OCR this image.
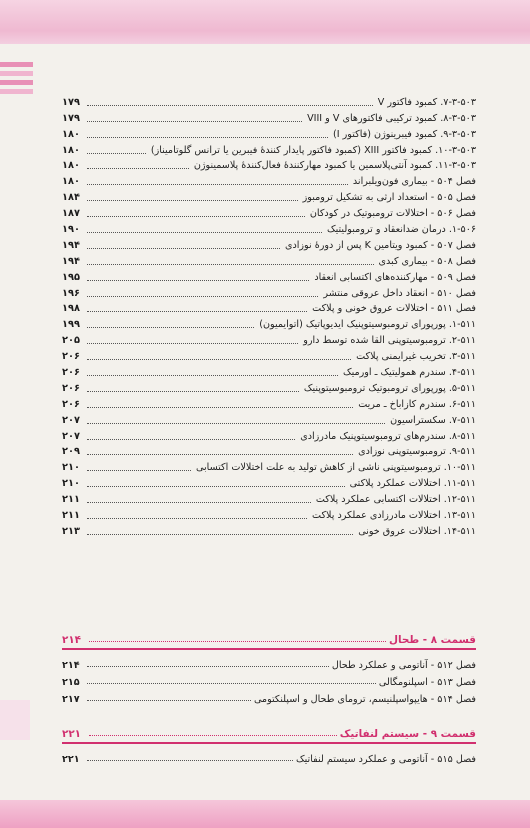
۷-۳-۵۰۳. کمبود فاکتور V
۱۷۹
۸-۳-۵۰۳. کمبود ترکیبی فاکتورهای V و VIII
۱۷۹
۹-۳-۵۰۳. کمبود فیبرینوژن (فاکتور I)
۱۸۰
۱۰-۳-۵۰۳. کمبود فاکتور XIII (کمبود فاکتور پایدار کنندهٔ فیبرین یا ترانس گلوتامیناز)
۱۸۰
۱۱-۳-۵۰۳. کمبود آنتی‌پلاسمین یا کمبود مهارکنندهٔ فعال‌کنندهٔ پلاسمینوژن
۱۸۰
فصل ۵۰۴ - بیماری فون‌ویلبراند
۱۸۰
فصل ۵۰۵ - استعداد ارثی به تشکیل ترومبوز
۱۸۴
فصل ۵۰۶ - اختلالات ترومبوتیک در کودکان
۱۸۷
۱-۵۰۶. درمان ضدانعقاد و ترومبولیتیک
۱۹۰
فصل ۵۰۷ - کمبود ویتامین K پس از دورهٔ نوزادی
۱۹۴
فصل ۵۰۸ - بیماری کبدی
۱۹۴
فصل ۵۰۹ - مهارکننده‌های اکتسابی انعقاد
۱۹۵
فصل ۵۱۰ - انعقاد داخل عروقی منتشر
۱۹۶
فصل ۵۱۱ - اختلالات عروق خونی و پلاکت
۱۹۸
۱-۵۱۱. پورپورای ترومبوسیتوپنیک ایدیوپاتیک (اتوایمیون)
۱۹۹
۲-۵۱۱. ترومبوسیتوپنی القا شده توسط دارو
۲۰۵
۳-۵۱۱. تخریب غیرایمنی پلاکت
۲۰۶
۴-۵۱۱. سندرم همولیتیک ـ اورمیک
۲۰۶
۵-۵۱۱. پورپورای ترومبوتیک ترومبوسیتوپنیک
۲۰۶
۶-۵۱۱. سندرم کازاباخ ـ مریت
۲۰۶
۷-۵۱۱. سکستراسیون
۲۰۷
۸-۵۱۱. سندرم‌های ترومبوسیتوپنیک مادرزادی
۲۰۷
۹-۵۱۱. ترومبوسیتوپنی نوزادی
۲۰۹
۱۰-۵۱۱. ترومبوسیتوپنی ناشی از کاهش تولید به علت اختلالات اکتسابی
۲۱۰
۱۱-۵۱۱. اختلالات عملکرد پلاکتی
۲۱۰
۱۲-۵۱۱. اختلالات اکتسابی عملکرد پلاکت
۲۱۱
۱۳-۵۱۱. اختلالات مادرزادی عملکرد پلاکت
۲۱۱
۱۴-۵۱۱. اختلالات عروق خونی
۲۱۳
قسمت ۸ - طحال
۲۱۴
فصل ۵۱۲ - آناتومی و عملکرد طحال
۲۱۴
فصل ۵۱۳ - اسپلنومگالی
۲۱۵
فصل ۵۱۴ - هایپواسپلنیسم، ترومای طحال و اسپلنکتومی
۲۱۷
قسمت ۹ - سیستم لنفاتیک
۲۲۱
فصل ۵۱۵ - آناتومی و عملکرد سیستم لنفاتیک
۲۲۱
